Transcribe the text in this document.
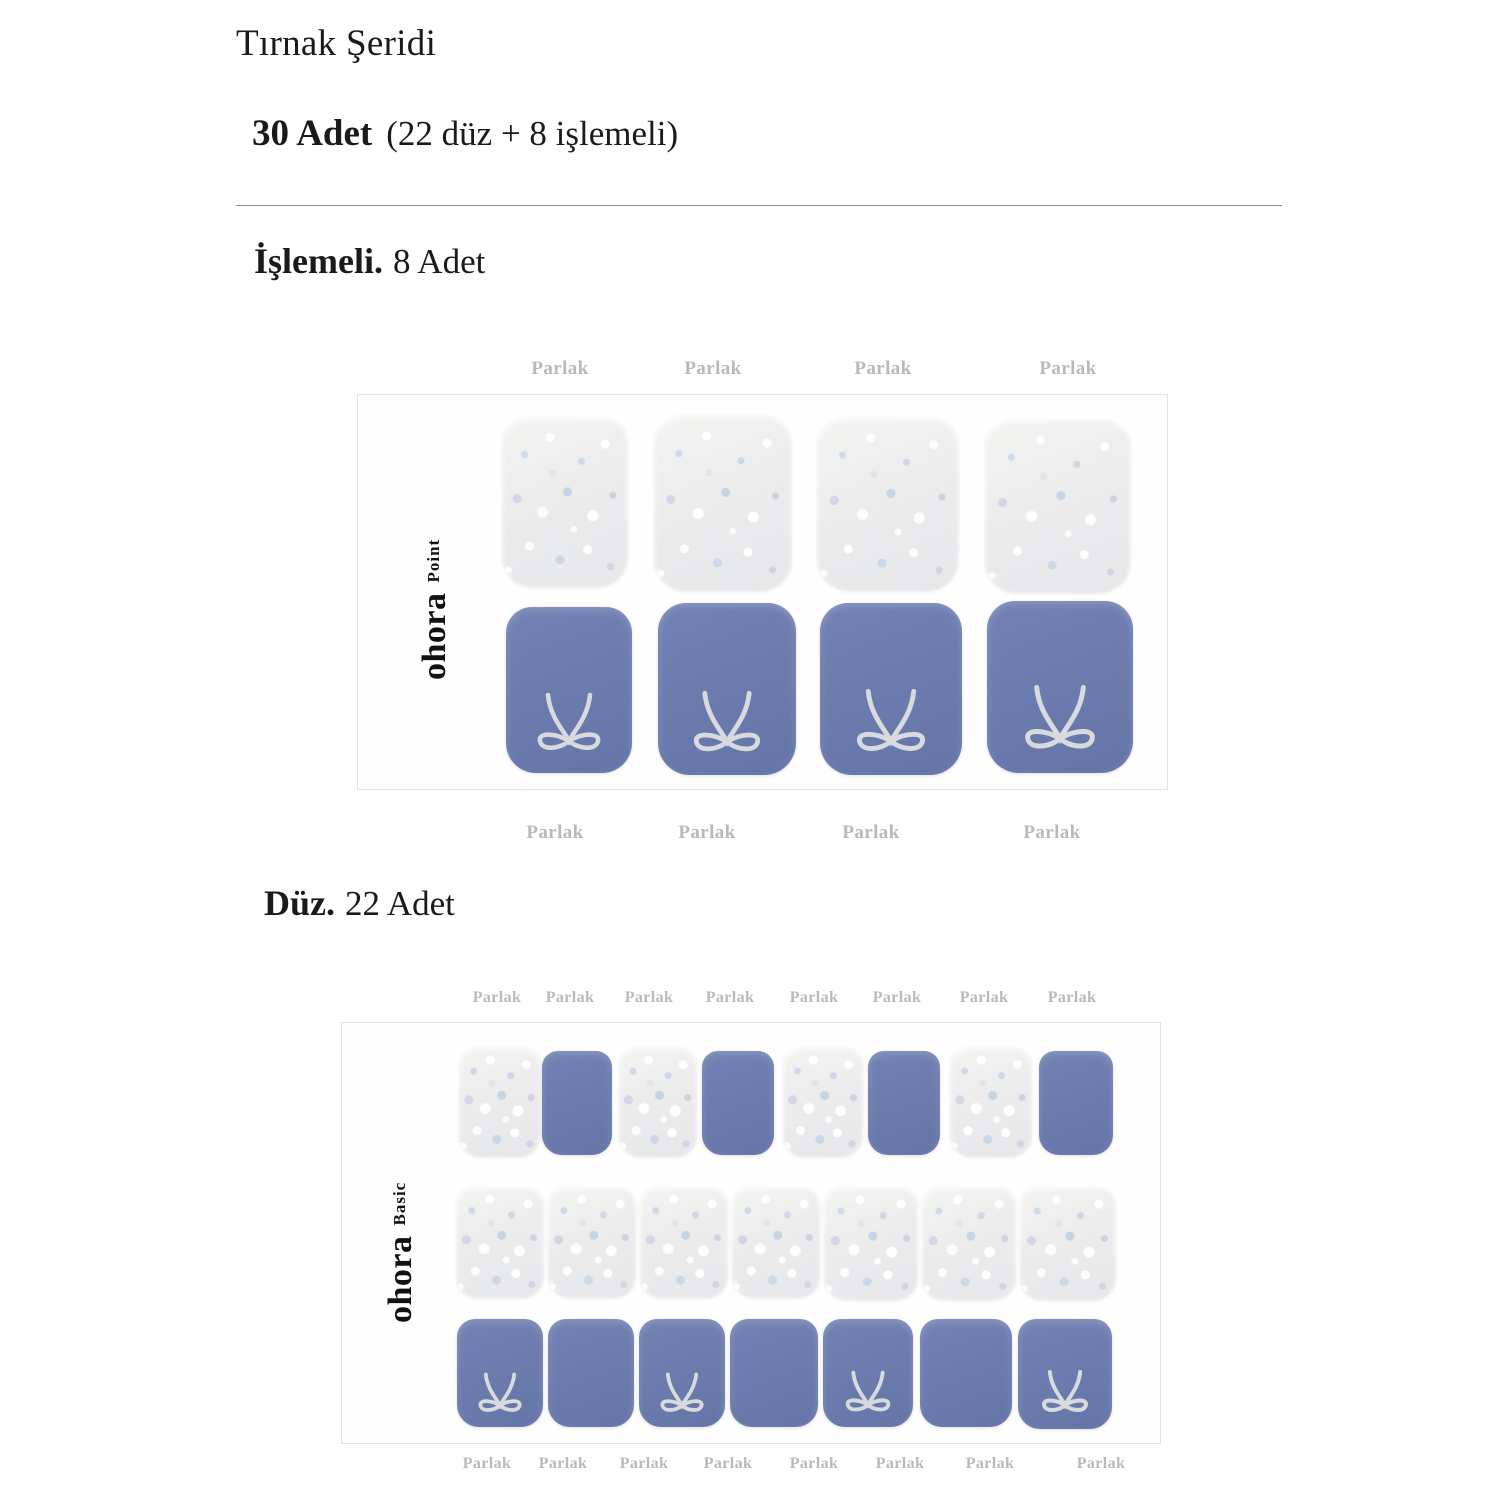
Tırnak Şeridi
30 Adet (22 düz + 8 işlemeli)
İşlemeli. 8 Adet
Parlak	Parlak	Parlak	Parlak
ohoraPoint
Parlak	Parlak	Parlak	Parlak
Düz. 22 Adet
Parlak	Parlak	Parlak	Parlak	Parlak	Parlak	Parlak	Parlak
ohoraBasic
Parlak	Parlak	Parlak	Parlak	Parlak	Parlak	Parlak	Parlak
